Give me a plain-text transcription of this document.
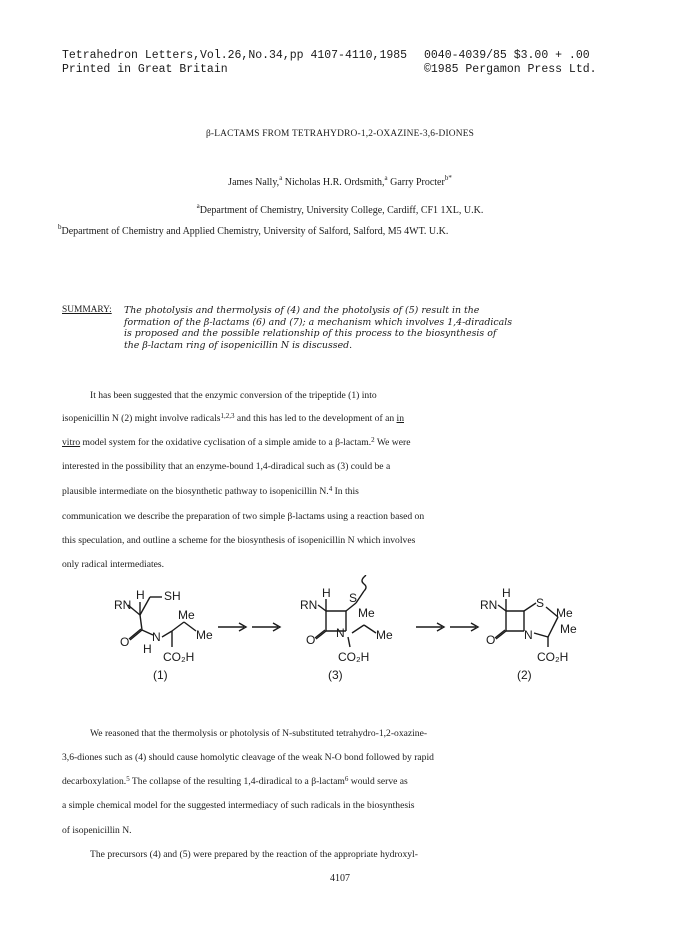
Tetrahedron Letters,Vol.26,No.34,pp 4107-4110,1985
Printed in Great Britain
0040-4039/85 $3.00 + .00
©1985 Pergamon Press Ltd.
β-LACTAMS FROM TETRAHYDRO-1,2-OXAZINE-3,6-DIONES
James Nally,$^a$ Nicholas H.R. Ordsmith,$^a$ Garry Procter$^{b*}$
$^a$Department of Chemistry, University College, Cardiff, CF1 1XL, U.K.
$^b$Department of Chemistry and Applied Chemistry, University of Salford, Salford, M5 4WT. U.K.
SUMMARY: The photolysis and thermolysis of (4) and the photolysis of (5) result in the
formation of the β-lactams (6) and (7); a mechanism which involves 1,4-diradicals
is proposed and the possible relationship of this process to the biosynthesis of
the β-lactam ring of isopenicillin N is discussed.
It has been suggested that the enzymic conversion of the tripeptide (1) into
isopenicillin N (2) might involve radicals$^{1,2,3}$ and this has led to the development of an in
vitro model system for the oxidative cyclisation of a simple amide to a β-lactam.$^2$ We were
interested in the possibility that an enzyme-bound 1,4-diradical such as (3) could be a
plausible intermediate on the biosynthetic pathway to isopenicillin N.$^4$ In this
communication we describe the preparation of two simple β-lactams using a reaction based on
this speculation, and outline a scheme for the biosynthesis of isopenicillin N which involves
only radical intermediates.
H
RN
SH
Me
Me
N
H
O
CO₂H
(1)
H
RN	S
Me
Me
N
O
CO₂H
(3)
H
RN	S
Me
Me
N
O
CO₂H
(2)
We reasoned that the thermolysis or photolysis of N-substituted tetrahydro-1,2-oxazine-
3,6-diones such as (4) should cause homolytic cleavage of the weak N-O bond followed by rapid
decarboxylation.$^5$ The collapse of the resulting 1,4-diradical to a β-lactam$^6$ would serve as
a simple chemical model for the suggested intermediacy of such radicals in the biosynthesis
of isopenicillin N.
The precursors (4) and (5) were prepared by the reaction of the appropriate hydroxyl-
4107
